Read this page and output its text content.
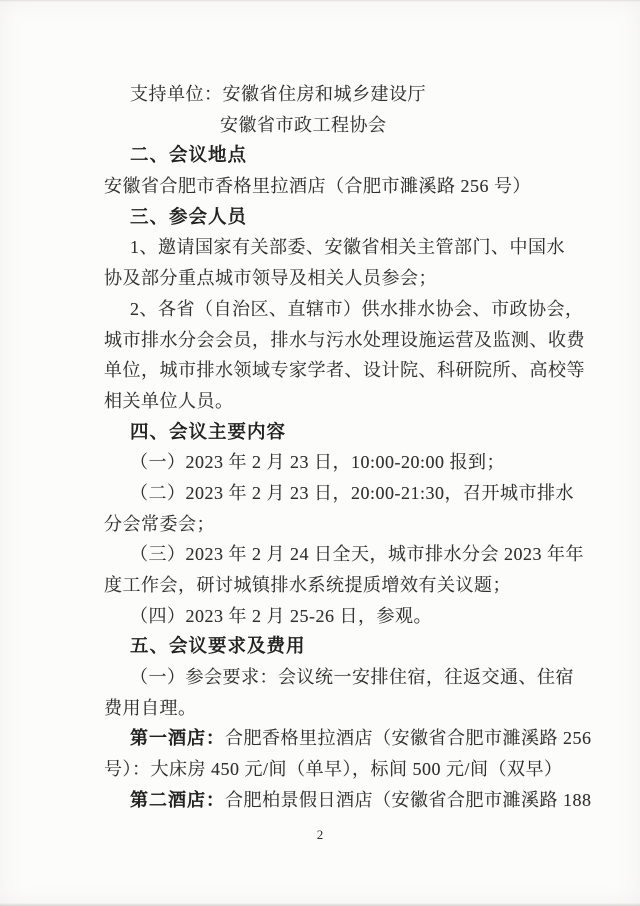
支持单位：安徽省住房和城乡建设厅
安徽省市政工程协会
二、会议地点
安徽省合肥市香格里拉酒店（合肥市濉溪路 256 号）
三、参会人员
1、邀请国家有关部委、安徽省相关主管部门、中国水
协及部分重点城市领导及相关人员参会；
2、各省（自治区、直辖市）供水排水协会、市政协会，
城市排水分会会员，排水与污水处理设施运营及监测、收费
单位，城市排水领域专家学者、设计院、科研院所、高校等
相关单位人员。
四、会议主要内容
（一）2023 年 2 月 23 日，10:00-20:00 报到；
（二）2023 年 2 月 23 日，20:00-21:30，召开城市排水
分会常委会；
（三）2023 年 2 月 24 日全天，城市排水分会 2023 年年
度工作会，研讨城镇排水系统提质增效有关议题；
（四）2023 年 2 月 25-26 日，参观。
五、会议要求及费用
（一）参会要求：会议统一安排住宿，往返交通、住宿
费用自理。
第一酒店：合肥香格里拉酒店（安徽省合肥市濉溪路 256
号）：大床房 450 元/间（单早），标间 500 元/间（双早）
第二酒店：合肥柏景假日酒店（安徽省合肥市濉溪路 188
2
